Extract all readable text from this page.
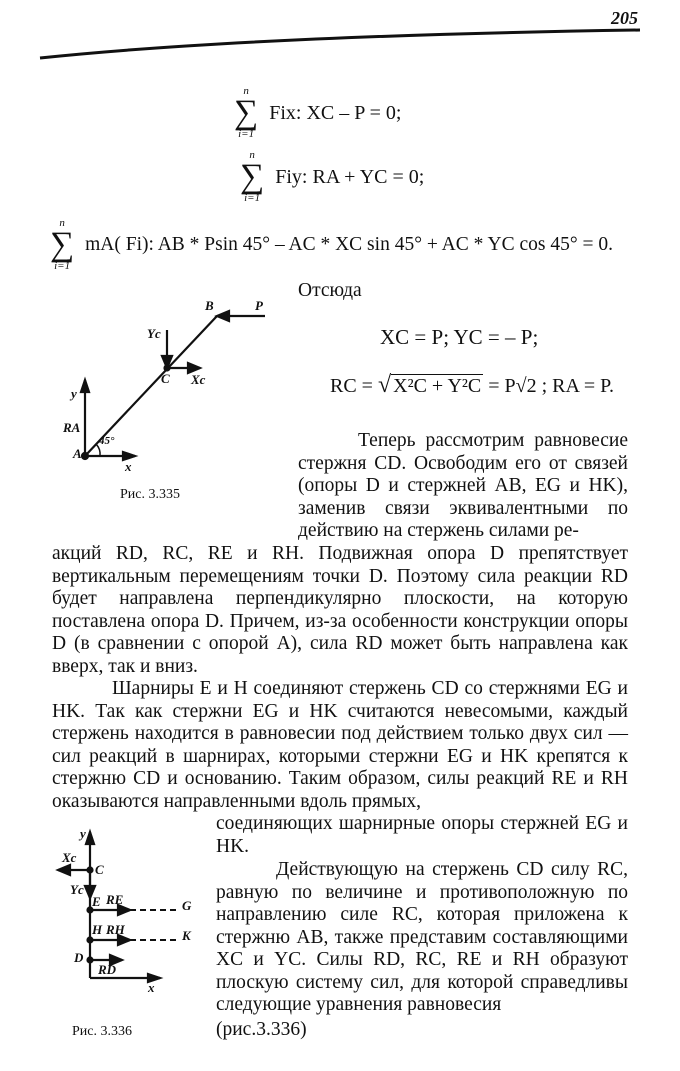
205
n
∑
i=1
Fix: XC – P = 0;
n
∑
i=1
Fiy: RA + YC = 0;
n
∑
i=1
mA( Fi): AB * Psin 45° – AC * XC sin 45° + AC * YC cos 45° = 0.
Отсюда
XC = P; YC = – P;
RC = √ X²C + Y²C = P√2 ; RA = P.
B	P
Yc
C Xc
y
RA
45°
A
x
Рис. 3.335
Теперь рассмотрим равновесие стержня CD. Освободим его от связей (опоры D и стержней AB, EG и HK), заменив связи эквивалентными по действию на стержень силами ре-
акций RD, RC, RE и RH. Подвижная опора D препятствует вертикальным перемещениям точки D. Поэтому сила реакции RD будет направлена перпендикулярно плоскости, на которую поставлена опора D. Причем, из-за особенности конструкции опоры D (в сравнении с опорой A), сила RD может быть направлена как вверх, так и вниз.
Шарниры E и H соединяют стержень CD со стержнями EG и HK. Так как стержни EG и HK считаются невесомыми, каждый стержень находится в равновесии под действием только двух сил — сил реакций в шарнирах, которыми стержни EG и HK крепятся к стержню CD и основанию. Таким образом, силы реакций RE и RH оказываются направленными вдоль прямых,
соединяющих шарнирные опоры стержней EG и HK.
Действующую на стержень CD силу RC, равную по величине и противоположную по направлению силе RC, которая приложена к стержню AB, также представим составляющими XC и YC. Силы RD, RC, RE и RH образуют плоскую систему сил, для которой справедливы следующие уравнения равновесия
(рис.3.336)
y
Xc
C
Yc
E RE	G
H RH	K
D
RD
x
Рис. 3.336
